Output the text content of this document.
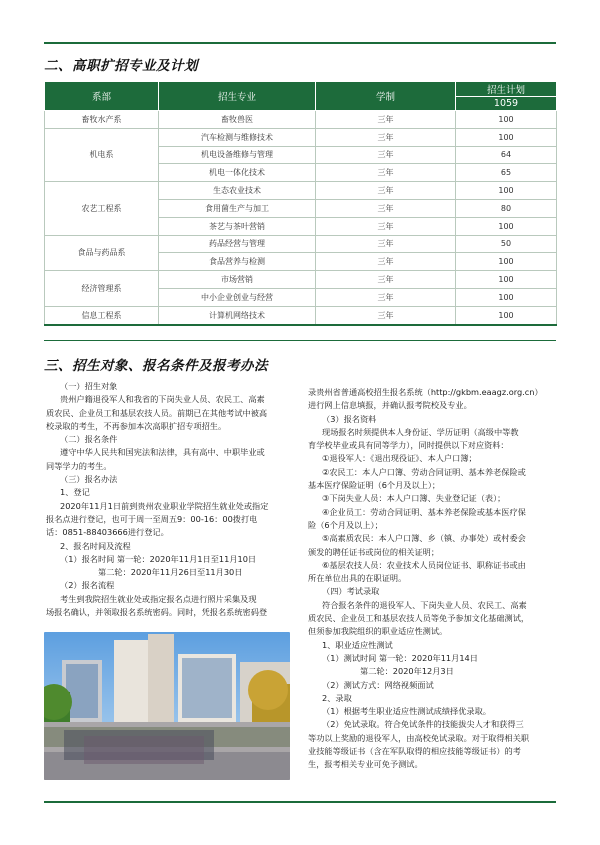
二、高职扩招专业及计划
系部	招生专业	学制	招生计划
			1059
畜牧水产系	畜牧兽医	三年	100
机电系	汽车检测与维修技术	三年	100
	机电设备维修与管理	三年	64
	机电一体化技术	三年	65
农艺工程系	生态农业技术	三年	100
	食用菌生产与加工	三年	80
	茶艺与茶叶营销	三年	100
食品与药品系	药品经营与管理	三年	50
	食品营养与检测	三年	100
经济管理系	市场营销	三年	100
	中小企业创业与经营	三年	100
信息工程系	计算机网络技术	三年	100
三、招生对象、报名条件及报考办法

（一）招生对象

贵州户籍退役军人和我省的下岗失业人员、农民工、高素

质农民、企业员工和基层农技人员。前期已在其他考试中被高

校录取的考生，不再参加本次高职扩招专项招生。

（二）报名条件

遵守中华人民共和国宪法和法律，具有高中、中职毕业或

同等学力的考生。

（三）报名办法

1、登记

2020年11月1日前到贵州农业职业学院招生就业处或指定

报名点进行登记，也可于周一至周五9：00-16：00拨打电

话：0851-88403666进行登记。

2、报名时间及流程

（1）报名时间 第一轮：2020年11月1日至11月10日

第二轮：2020年11月26日至11月30日

（2）报名流程

考生到我院招生就业处或指定报名点进行照片采集及现

场报名确认，并领取报名系统密码。同时，凭报名系统密码登

录贵州省普通高校招生报名系统（http://gkbm.eaagz.org.cn）

进行网上信息填报，并确认报考院校及专业。

（3）报名资料

现场报名时须提供本人身份证、学历证明（高级中等教

育学校毕业或具有同等学力），同时提供以下对应资料：

①退役军人：《退出现役证》、本人户口簿；

②农民工：本人户口簿、劳动合同证明、基本养老保险或

基本医疗保险证明（6个月及以上）；

③下岗失业人员：本人户口簿、失业登记证（表）；

④企业员工：劳动合同证明、基本养老保险或基本医疗保

险（6个月及以上）；

⑤高素质农民：本人户口簿、乡（镇、办事处）或村委会

颁发的聘任证书或岗位的相关证明；

⑥基层农技人员：农业技术人员岗位证书、职称证书或由

所在单位出具的在职证明。

（四）考试录取

符合报名条件的退役军人、下岗失业人员、农民工、高素

质农民、企业员工和基层农技人员等免予参加文化基础测试，

但须参加我院组织的职业适应性测试。

1、职业适应性测试

（1）测试时间 第一轮：2020年11月14日

第二轮：2020年12月3日

（2）测试方式：网络视频面试

2、录取

（1）根据考生职业适应性测试成绩择优录取。

（2）免试录取。符合免试条件的技能拔尖人才和获得三

等功以上奖励的退役军人，由高校免试录取。对于取得相关职

业技能等级证书（含在军队取得的相应技能等级证书）的考

生，报考相关专业可免予测试。
